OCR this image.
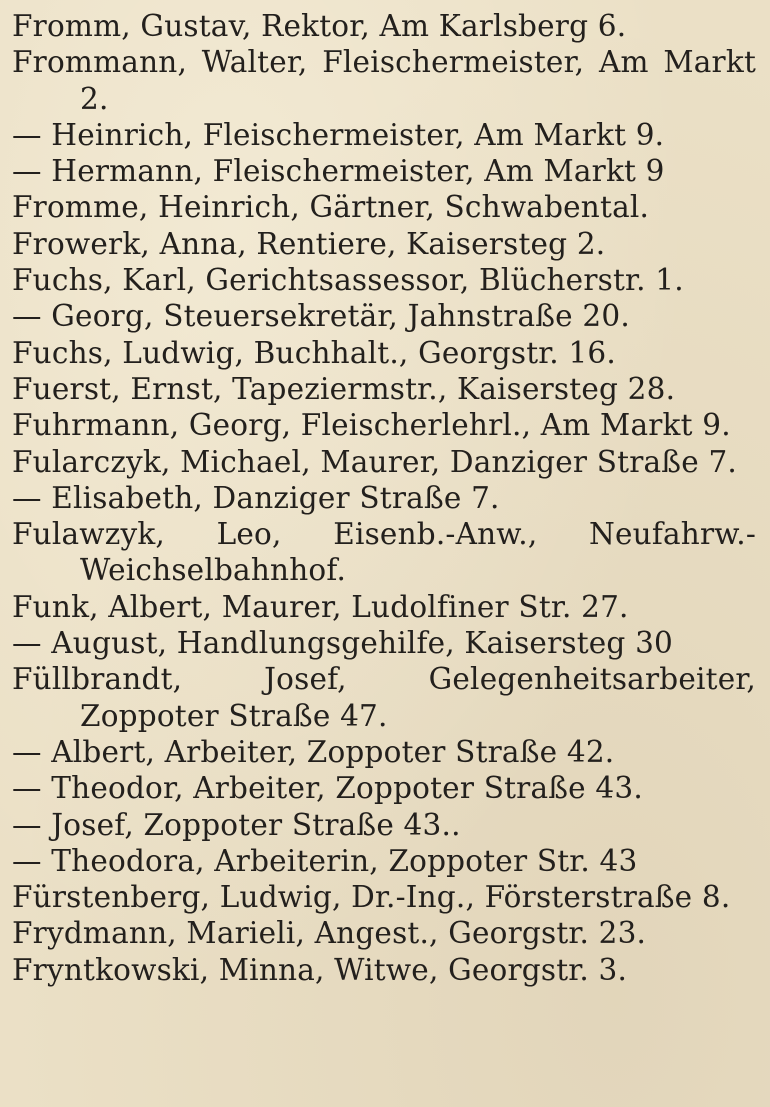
Fromm, Gustav, Rektor, Am Karlsberg 6.
Frommann, Walter, Fleischermeister, Am Markt 2.
— Heinrich, Fleischermeister, Am Markt 9.
— Hermann, Fleischermeister, Am Markt 9
Fromme, Heinrich, Gärtner, Schwabental.
Frowerk, Anna, Rentiere, Kaisersteg 2.
Fuchs, Karl, Gerichtsassessor, Blücherstr. 1.
— Georg, Steuersekretär, Jahnstraße 20.
Fuchs, Ludwig, Buchhalt., Georgstr. 16.
Fuerst, Ernst, Tapeziermstr., Kaisersteg 28.
Fuhrmann, Georg, Fleischerlehrl., Am Markt 9.
Fularczyk, Michael, Maurer, Danziger Straße 7.
— Elisabeth, Danziger Straße 7.
Fulawzyk, Leo, Eisenb.-Anw., Neufahrw.-Weichselbahnhof.
Funk, Albert, Maurer, Ludolfiner Str. 27.
— August, Handlungsgehilfe, Kaisersteg 30
Füllbrandt, Josef, Gelegenheitsarbeiter, Zoppoter Straße 47.
— Albert, Arbeiter, Zoppoter Straße 42.
— Theodor, Arbeiter, Zoppoter Straße 43.
— Josef, Zoppoter Straße 43..
— Theodora, Arbeiterin, Zoppoter Str. 43
Fürstenberg, Ludwig, Dr.-Ing., Försterstraße 8.
Frydmann, Marieli, Angest., Georgstr. 23.
Fryntkowski, Minna, Witwe, Georgstr. 3.
